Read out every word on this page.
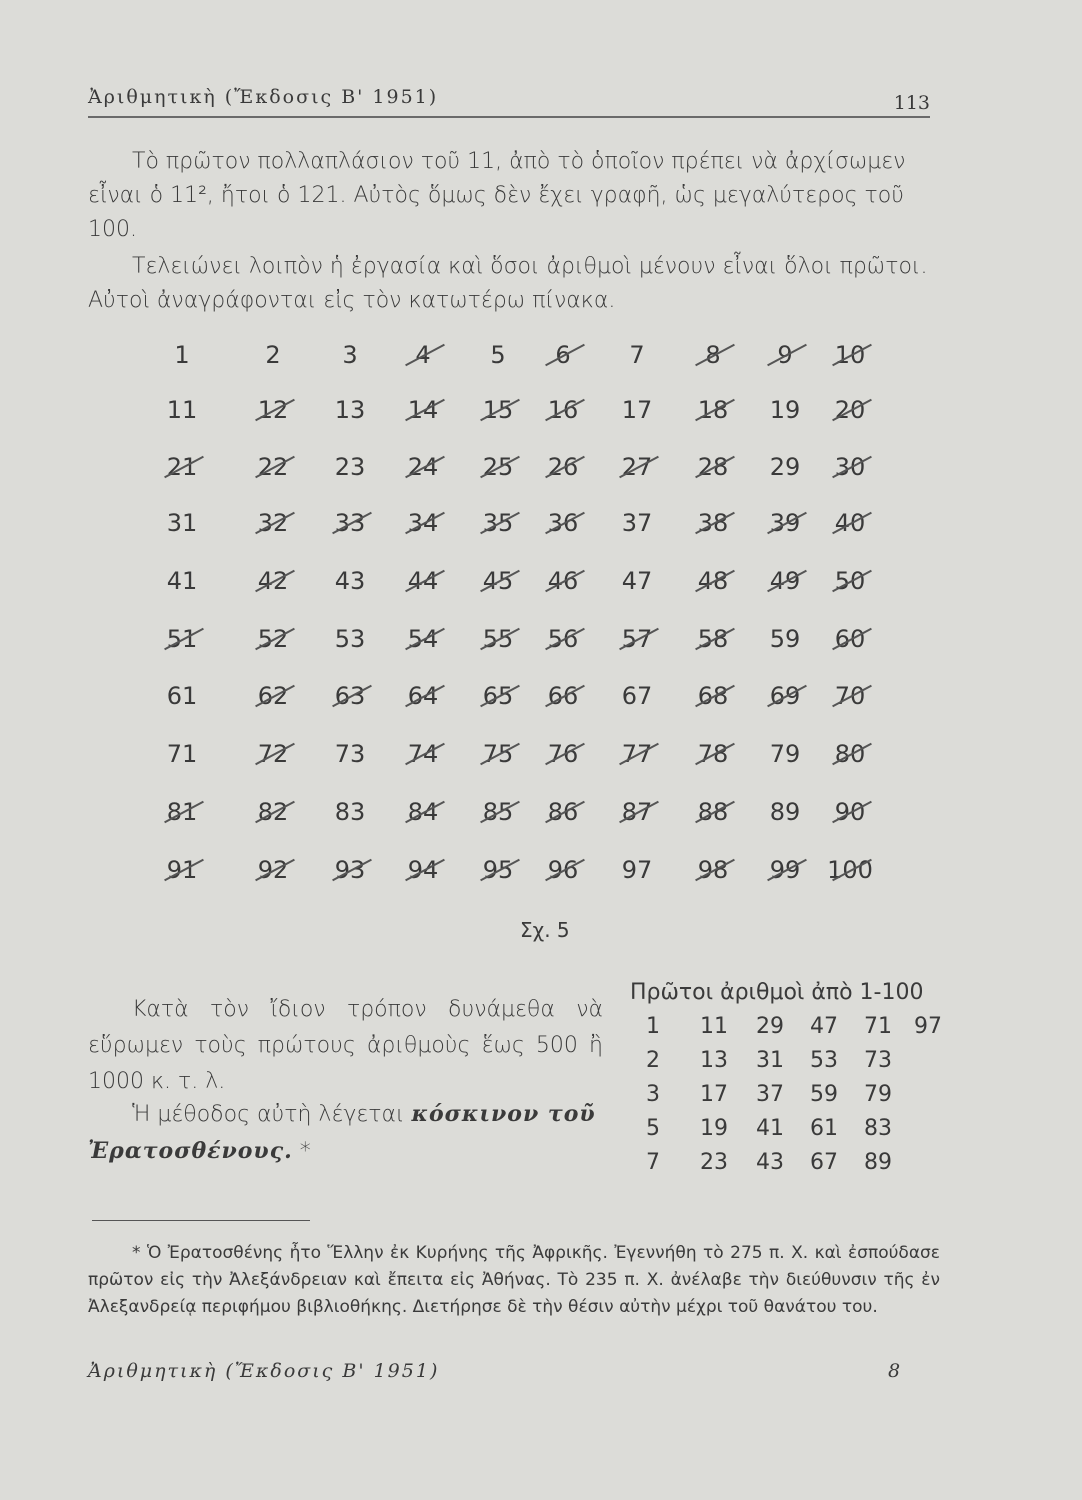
Ἀριθμητικὴ (Ἔκδοσις Β' 1951)	113

Τὸ πρῶτον πολλαπλάσιον τοῦ 11, ἀπὸ τὸ ὁποῖον πρέπει νὰ ἀρχίσωμεν εἶναι ὁ 11², ἤτοι ὁ 121. Αὐτὸς ὅμως δὲν ἔχει γραφῆ, ὡς μεγαλύτερος τοῦ 100.

Τελειώνει λοιπὸν ἡ ἐργασία καὶ ὅσοι ἀριθμοὶ μένουν εἶναι ὅλοι πρῶτοι. Αὐτοὶ ἀναγράφονται εἰς τὸν κατωτέρω πίνακα.

1	2	3	4	5	6	7	8	9	10
11	12	13	14	15	16	17	18	19	20
21	22	23	24	25	26	27	28	29	30
31	32	33	34	35	36	37	38	39	40
41	42	43	44	45	46	47	48	49	50
51	52	53	54	55	56	57	58	59	60
61	62	63	64	65	66	67	68	69	70
71	72	73	74	75	76	77	78	79	80
81	82	83	84	85	86	87	88	89	90
91	92	93	94	95	96	97	98	99	100
Σχ. 5

Κατὰ τὸν ἴδιον τρόπον δυνάμεθα νὰ εὕρωμεν τοὺς πρώτους ἀριθμοὺς ἕως 500 ἢ 1000 κ. τ. λ.

Ἡ μέθοδος αὐτὴ λέγεται κόσκινον τοῦ Ἐρατοσθένους. *

Πρῶτοι ἀριθμοὶ ἀπὸ 1-100
1 11 29 47 71 97
2 13 31 53 73
3 17 37 59 79
5 19 41 61 83
7 23 43 67 89

* Ὁ Ἐρατοσθένης ἦτο Ἕλλην ἐκ Κυρήνης τῆς Ἀφρικῆς. Ἐγεννήθη τὸ 275 π. Χ. καὶ ἐσπούδασε πρῶτον εἰς τὴν Ἀλεξάνδρειαν καὶ ἔπειτα εἰς Ἀθήνας. Τὸ 235 π. Χ. ἀνέλαβε τὴν διεύθυνσιν τῆς ἐν Ἀλεξανδρείᾳ περιφήμου βιβλιοθήκης. Διετήρησε δὲ τὴν θέσιν αὐτὴν μέχρι τοῦ θανάτου του.

Ἀριθμητικὴ (Ἔκδοσις Β' 1951)	8
